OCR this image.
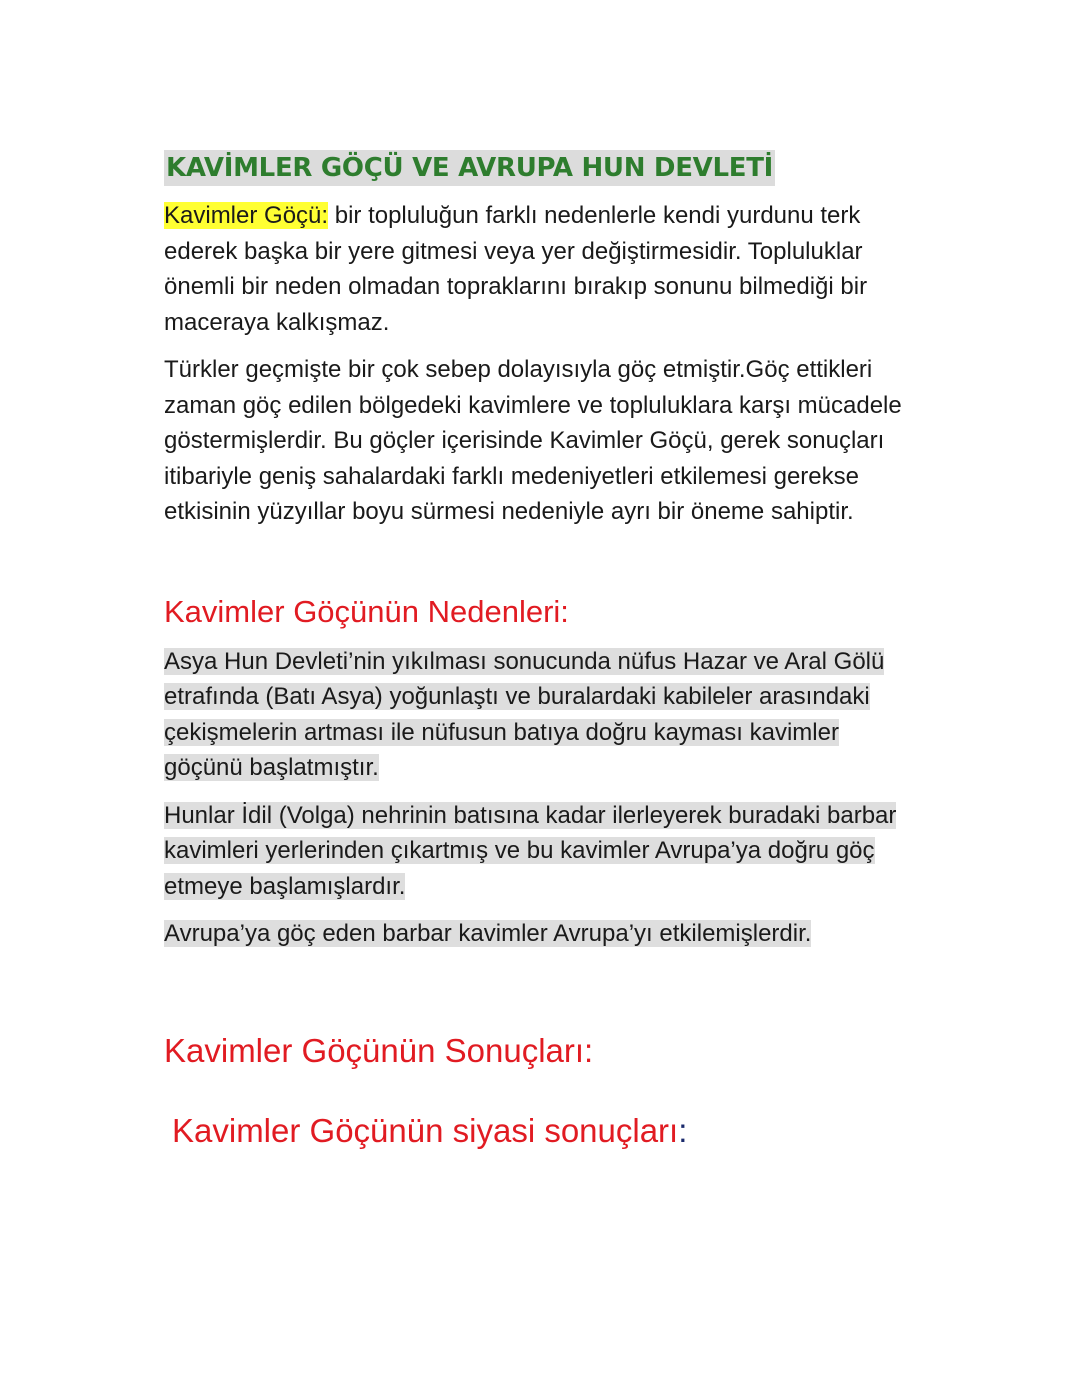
KAVİMLER GÖÇÜ VE AVRUPA HUN DEVLETİ

Kavimler Göçü: bir topluluğun farklı nedenlerle kendi yurdunu terk ederek başka bir yere gitmesi veya yer değiştirmesidir. Topluluklar önemli bir neden olmadan topraklarını bırakıp sonunu bilmediği bir maceraya kalkışmaz.

Türkler geçmişte bir çok sebep dolayısıyla göç etmiştir.Göç ettikleri zaman göç edilen bölgedeki kavimlere ve topluluklara karşı mücadele göstermişlerdir. Bu göçler içerisinde Kavimler Göçü, gerek sonuçları itibariyle geniş sahalardaki farklı medeniyetleri etkilemesi gerekse etkisinin yüzyıllar boyu sürmesi nedeniyle ayrı bir öneme sahiptir.

Kavimler Göçünün Nedenleri:

Asya Hun Devleti’nin yıkılması sonucunda nüfus Hazar ve Aral Gölü etrafında (Batı Asya) yoğunlaştı ve buralardaki kabileler arasındaki çekişmelerin artması ile nüfusun batıya doğru kayması kavimler göçünü başlatmıştır.

Hunlar İdil (Volga) nehrinin batısına kadar ilerleyerek buradaki barbar kavimleri yerlerinden çıkartmış ve bu kavimler Avrupa’ya doğru göç etmeye başlamışlardır.

Avrupa’ya göç eden barbar kavimler Avrupa’yı etkilemişlerdir.

Kavimler Göçünün Sonuçları:
Kavimler Göçünün siyasi sonuçları:
